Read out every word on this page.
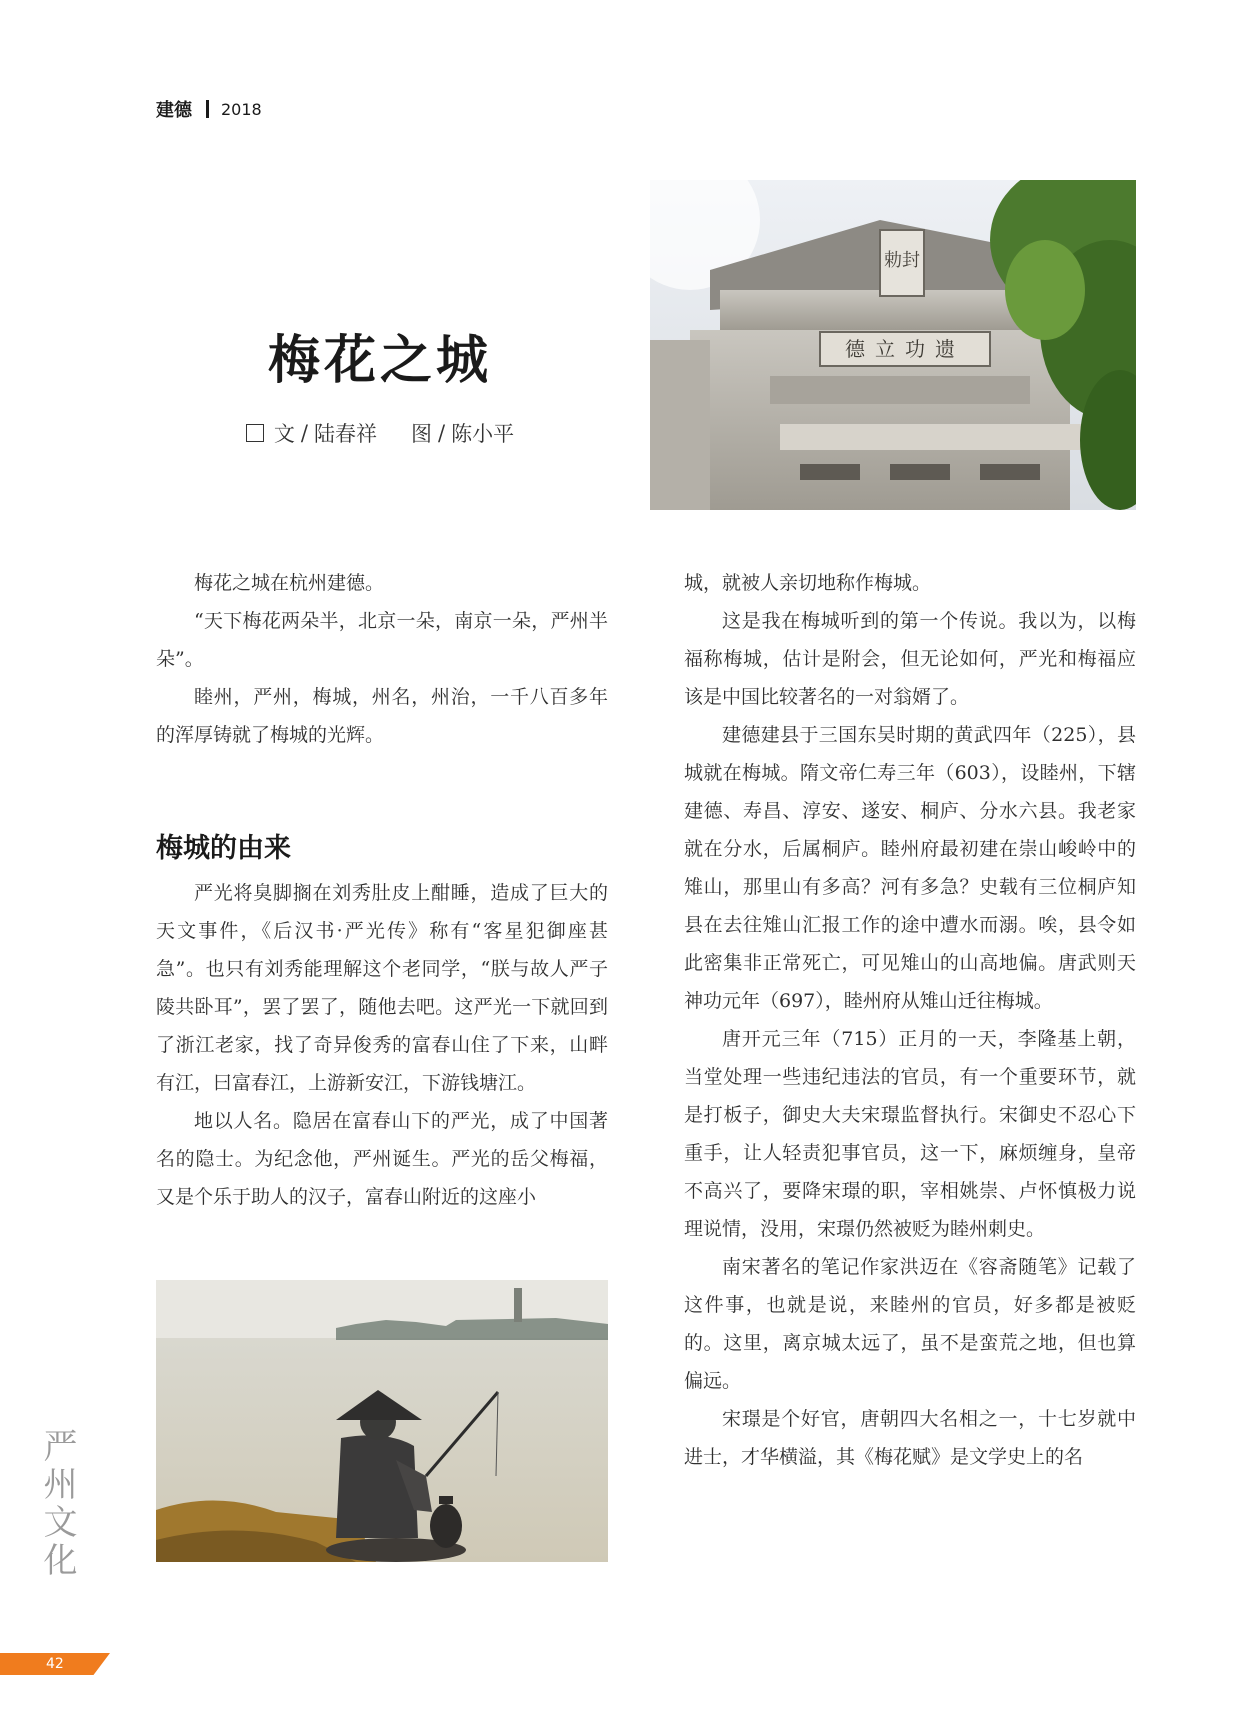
建德 2018
梅花之城
文 / 陆春祥 图 / 陈小平
勅封
德立功遗

梅花之城在杭州建德。

“天下梅花两朵半，北京一朵，南京一朵，严州半朵”。

睦州，严州，梅城，州名，州治，一千八百多年的浑厚铸就了梅城的光辉。

梅城的由来

严光将臭脚搁在刘秀肚皮上酣睡，造成了巨大的天文事件，《后汉书·严光传》称有“客星犯御座甚急”。也只有刘秀能理解这个老同学，“朕与故人严子陵共卧耳”，罢了罢了，随他去吧。这严光一下就回到了浙江老家，找了奇异俊秀的富春山住了下来，山畔有江，曰富春江，上游新安江，下游钱塘江。

地以人名。隐居在富春山下的严光，成了中国著名的隐士。为纪念他，严州诞生。严光的岳父梅福，又是个乐于助人的汉子，富春山附近的这座小

城，就被人亲切地称作梅城。

这是我在梅城听到的第一个传说。我以为，以梅福称梅城，估计是附会，但无论如何，严光和梅福应该是中国比较著名的一对翁婿了。

建德建县于三国东吴时期的黄武四年（225），县城就在梅城。隋文帝仁寿三年（603），设睦州，下辖建德、寿昌、淳安、遂安、桐庐、分水六县。我老家就在分水，后属桐庐。睦州府最初建在崇山峻岭中的雉山，那里山有多高？河有多急？史载有三位桐庐知县在去往雉山汇报工作的途中遭水而溺。唉，县令如此密集非正常死亡，可见雉山的山高地偏。唐武则天神功元年（697），睦州府从雉山迁往梅城。

唐开元三年（715）正月的一天，李隆基上朝，当堂处理一些违纪违法的官员，有一个重要环节，就是打板子，御史大夫宋璟监督执行。宋御史不忍心下重手，让人轻责犯事官员，这一下，麻烦缠身，皇帝不高兴了，要降宋璟的职，宰相姚崇、卢怀慎极力说理说情，没用，宋璟仍然被贬为睦州刺史。

南宋著名的笔记作家洪迈在《容斋随笔》记载了这件事，也就是说，来睦州的官员，好多都是被贬的。这里，离京城太远了，虽不是蛮荒之地，但也算偏远。

宋璟是个好官，唐朝四大名相之一，十七岁就中进士，才华横溢，其《梅花赋》是文学史上的名

严州文化
42
